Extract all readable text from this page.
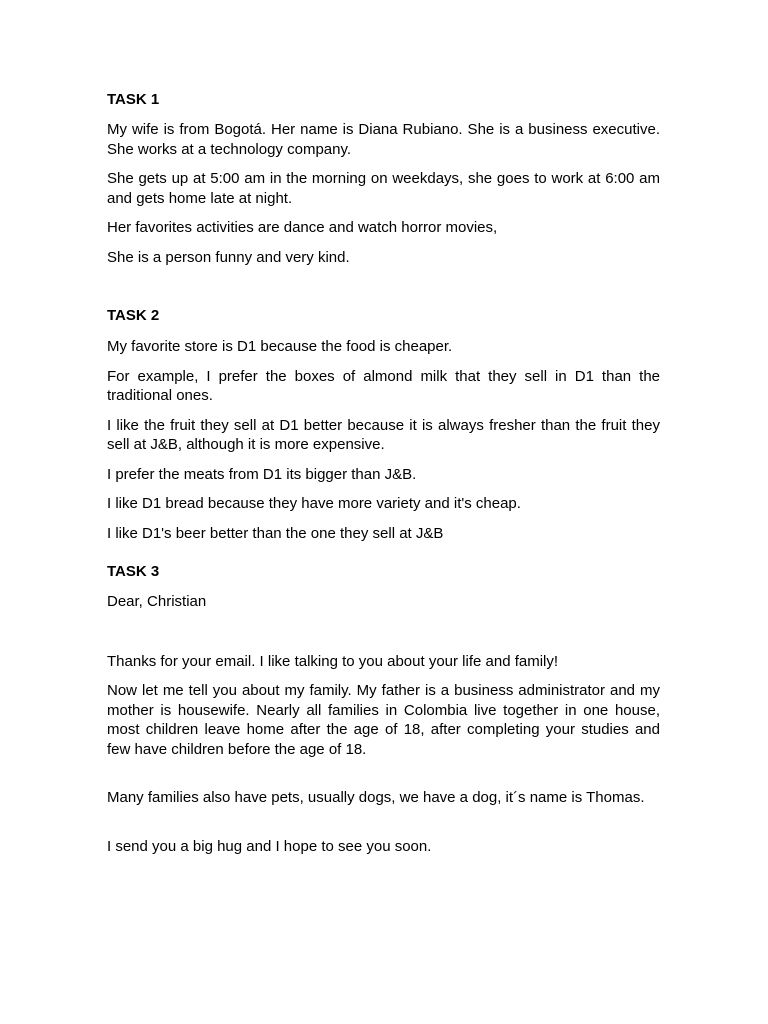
TASK 1

My wife is from Bogotá. Her name is Diana Rubiano. She is a business executive. She works at a technology company.

She gets up at 5:00 am in the morning on weekdays, she goes to work at 6:00 am and gets home late at night.

Her favorites activities are dance and watch horror movies,

She is a person funny and very kind.

TASK 2

My favorite store is D1 because the food is cheaper.

For example, I prefer the boxes of almond milk that they sell in D1 than the traditional ones.

I like the fruit they sell at D1 better because it is always fresher than the fruit they sell at J&B, although it is more expensive.

I prefer the meats from D1 its bigger than J&B.

I like D1 bread because they have more variety and it's cheap.

I like D1's beer better than the one they sell at J&B

TASK 3

Dear, Christian

Thanks for your email. I like talking to you about your life and family!

Now let me tell you about my family. My father is a business administrator and my mother is housewife. Nearly all families in Colombia live together in one house, most children leave home after the age of 18, after completing your studies and few have children before the age of 18.

Many families also have pets, usually dogs, we have a dog, it´s name is Thomas.

I send you a big hug and I hope to see you soon.
